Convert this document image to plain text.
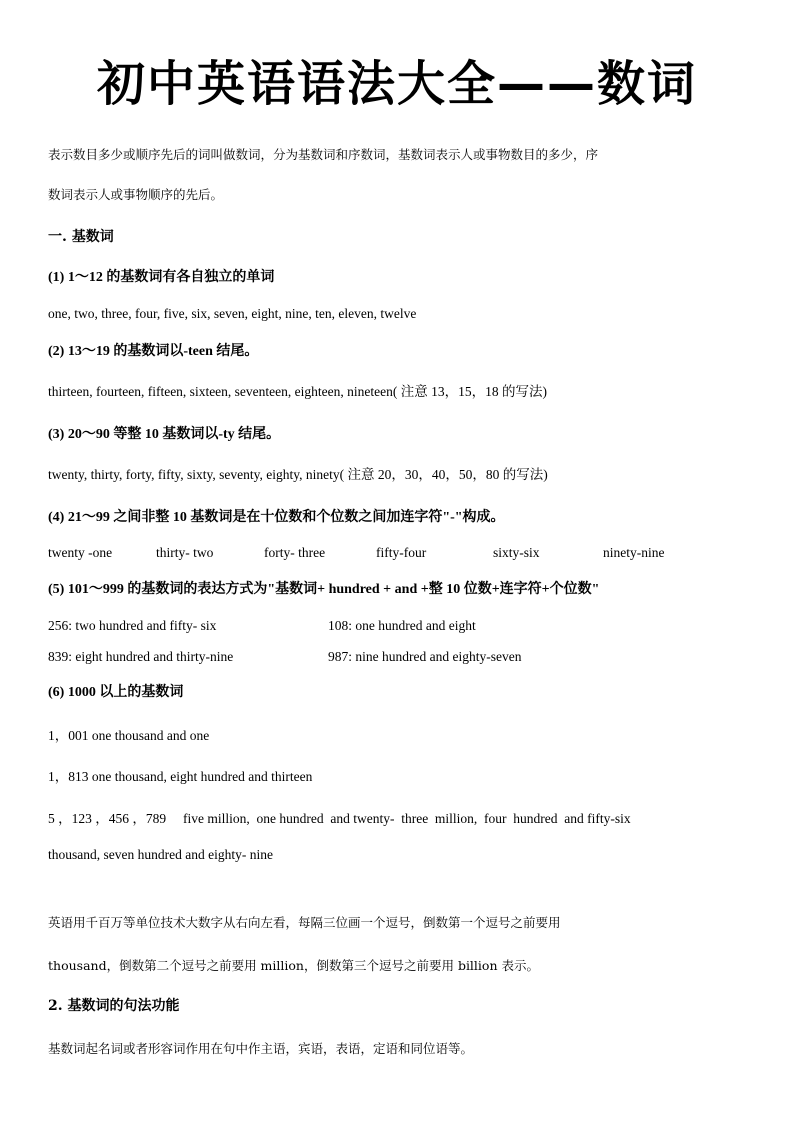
初中英语语法大全——数词
表示数目多少或顺序先后的词叫做数词，分为基数词和序数词，基数词表示人或事物数目的多少，序
数词表示人或事物顺序的先后。
一. 基数词
(1) 1～12 的基数词有各自独立的单词
one, two, three, four, five, six, seven, eight, nine, ten, eleven, twelve
(2) 13～19 的基数词以-teen 结尾。
thirteen, fourteen, fifteen, sixteen, seventeen, eighteen, nineteen( 注意 13，15，18 的写法)
(3) 20～90 等整 10 基数词以-ty 结尾。
twenty, thirty, forty, fifty, sixty, seventy, eighty, ninety( 注意 20，30，40，50，80 的写法)
(4) 21～99 之间非整 10 基数词是在十位数和个位数之间加连字符"-"构成。
twenty -one	thirty- two	forty- three	fifty-four	sixty-six	ninety-nine
(5) 101～999 的基数词的表达方式为"基数词+ hundred + and +整 10 位数+连字符+个位数"
256: two hundred and fifty- six	108: one hundred and eight
839: eight hundred and thirty-nine	987: nine hundred and eighty-seven
(6) 1000 以上的基数词
1，001 one thousand and one
1，813 one thousand, eight hundred and thirteen
5 ，123 ，456 ，789     five million,  one hundred  and twenty-  three  million,  four  hundred  and fifty-six
thousand, seven hundred and eighty- nine
英语用千百万等单位技术大数字从右向左看，每隔三位画一个逗号，倒数第一个逗号之前要用
thousand，倒数第二个逗号之前要用 million，倒数第三个逗号之前要用 billion 表示。
2. 基数词的句法功能
基数词起名词或者形容词作用在句中作主语，宾语，表语，定语和同位语等。
